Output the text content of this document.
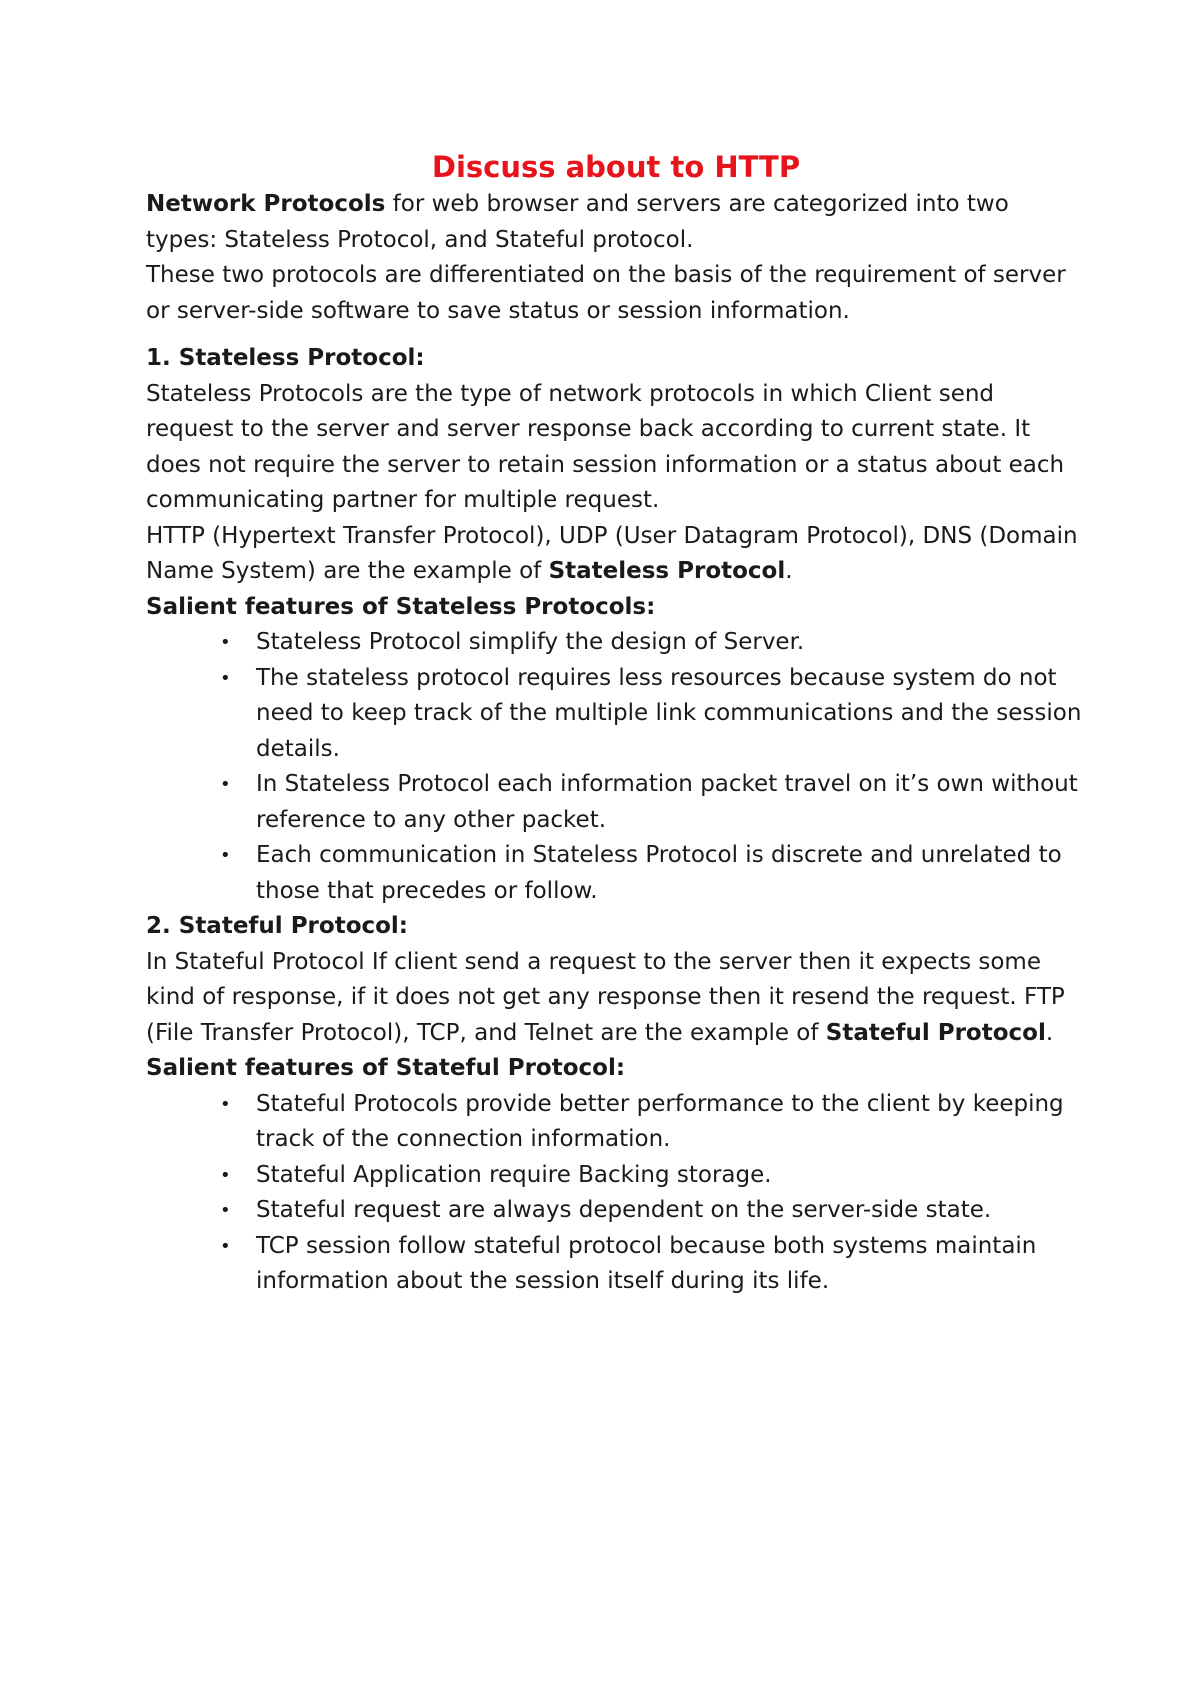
Discuss about to HTTP

Network Protocols for web browser and servers are categorized into two types: Stateless Protocol, and Stateful protocol.

These two protocols are differentiated on the basis of the requirement of server or server-side software to save status or session information.

1. Stateless Protocol:

Stateless Protocols are the type of network protocols in which Client send request to the server and server response back according to current state. It does not require the server to retain session information or a status about each communicating partner for multiple request.

HTTP (Hypertext Transfer Protocol), UDP (User Datagram Protocol), DNS (Domain Name System) are the example of Stateless Protocol.

Salient features of Stateless Protocols:

• Stateless Protocol simplify the design of Server.
• The stateless protocol requires less resources because system do not need to keep track of the multiple link communications and the session details.
• In Stateless Protocol each information packet travel on it’s own without reference to any other packet.
• Each communication in Stateless Protocol is discrete and unrelated to those that precedes or follow.

2. Stateful Protocol:

In Stateful Protocol If client send a request to the server then it expects some kind of response, if it does not get any response then it resend the request. FTP (File Transfer Protocol), TCP, and Telnet are the example of Stateful Protocol.

Salient features of Stateful Protocol:

• Stateful Protocols provide better performance to the client by keeping track of the connection information.
• Stateful Application require Backing storage.
• Stateful request are always dependent on the server-side state.
• TCP session follow stateful protocol because both systems maintain information about the session itself during its life.
